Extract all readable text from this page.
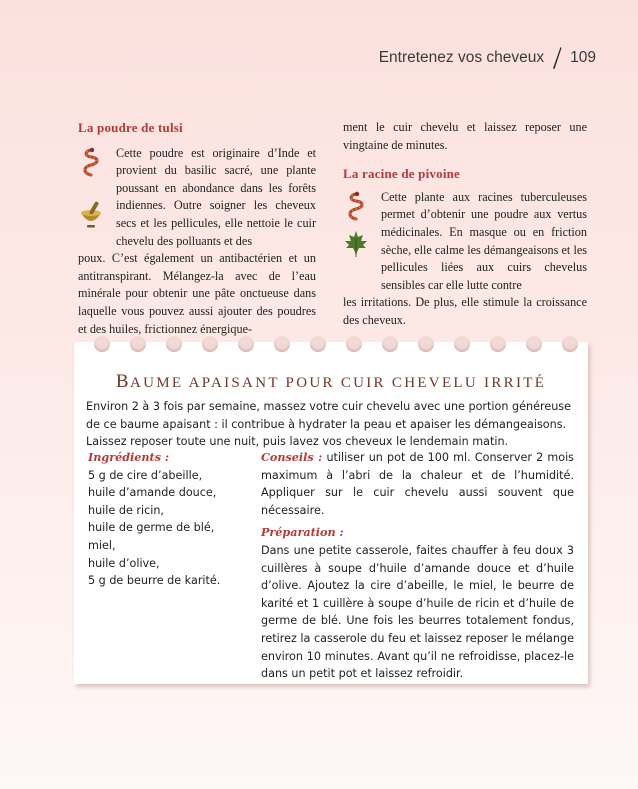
Entretenez vos cheveux 109
La poudre de tulsi

Cette poudre est originaire d’Inde et provient du basilic sacré, une plante poussant en abondance dans les forêts indiennes. Outre soigner les cheveux secs et les pellicules, elle nettoie le cuir chevelu des polluants et des

poux. C’est également un antibactérien et un antitranspirant. Mélangez-la avec de l’eau minérale pour obtenir une pâte onctueuse dans laquelle vous pouvez aussi ajouter des poudres et des huiles, frictionnez énergique-

ment le cuir chevelu et laissez reposer une vingtaine de minutes.

La racine de pivoine

Cette plante aux racines tuberculeuses permet d’obtenir une poudre aux vertus médicinales. En masque ou en friction sèche, elle calme les démangeaisons et les pellicules liées aux cuirs chevelus sensibles car elle lutte contre

les irritations. De plus, elle stimule la croissance des cheveux.

BAUME APAISANT POUR CUIR CHEVELU IRRITÉ
Environ 2 à 3 fois par semaine, massez votre cuir chevelu avec une portion généreuse de ce baume apaisant : il contribue à hydrater la peau et apaiser les démangeaisons. Laissez reposer toute une nuit, puis lavez vos cheveux le lendemain matin.
Ingrédients :
5 g de cire d’abeille,
huile d’amande douce,
huile de ricin,
huile de germe de blé,
miel,
huile d’olive,
5 g de beurre de karité.

Conseils : utiliser un pot de 100 ml. Conserver 2 mois maximum à l’abri de la chaleur et de l’humidité. Appliquer sur le cuir chevelu aussi souvent que nécessaire.

Préparation :

Dans une petite casserole, faites chauffer à feu doux 3 cuillères à soupe d’huile d’amande douce et d’huile d’olive. Ajoutez la cire d’abeille, le miel, le beurre de karité et 1 cuillère à soupe d’huile de ricin et d’huile de germe de blé. Une fois les beurres totalement fondus, retirez la casserole du feu et laissez reposer le mélange environ 10 minutes. Avant qu’il ne refroidisse, placez-le dans un petit pot et laissez refroidir.
